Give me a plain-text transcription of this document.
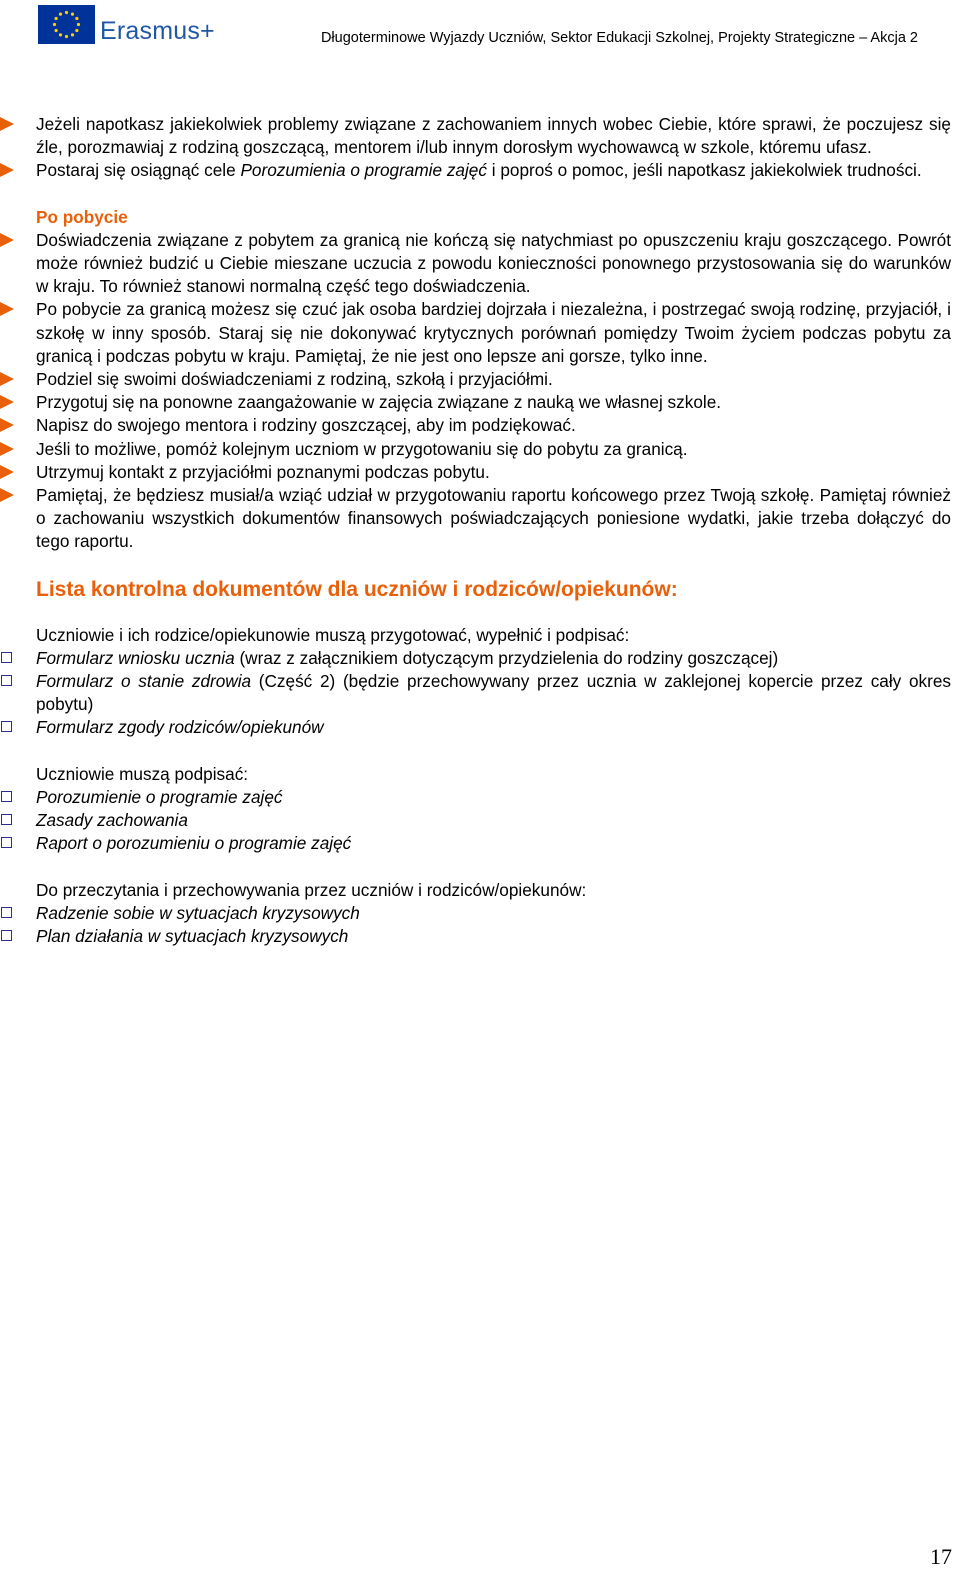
Erasmus+	Długoterminowe Wyjazdy Uczniów, Sektor Edukacji Szkolnej, Projekty Strategiczne – Akcja 2
Jeżeli napotkasz jakiekolwiek problemy związane z zachowaniem innych wobec Ciebie, które sprawi, że poczujesz się źle, porozmawiaj z rodziną goszczącą, mentorem i/lub innym dorosłym wychowawcą w szkole, któremu ufasz.
Postaraj się osiągnąć cele Porozumienia o programie zajęć i poproś o pomoc, jeśli napotkasz jakiekolwiek trudności.
Po pobycie
Doświadczenia związane z pobytem za granicą nie kończą się natychmiast po opuszczeniu kraju goszczącego. Powrót może również budzić u Ciebie mieszane uczucia z powodu konieczności ponownego przystosowania się do warunków w kraju. To również stanowi normalną część tego doświadczenia.
Po pobycie za granicą możesz się czuć jak osoba bardziej dojrzała i niezależna, i postrzegać swoją rodzinę, przyjaciół, i szkołę w inny sposób. Staraj się nie dokonywać krytycznych porównań pomiędzy Twoim życiem podczas pobytu za granicą i podczas pobytu w kraju. Pamiętaj, że nie jest ono lepsze ani gorsze, tylko inne.
Podziel się swoimi doświadczeniami z rodziną, szkołą i przyjaciółmi.
Przygotuj się na ponowne zaangażowanie w zajęcia związane z nauką we własnej szkole.
Napisz do swojego mentora i rodziny goszczącej, aby im podziękować.
Jeśli to możliwe, pomóż kolejnym uczniom w przygotowaniu się do pobytu za granicą.
Utrzymuj kontakt z przyjaciółmi poznanymi podczas pobytu.
Pamiętaj, że będziesz musiał/a wziąć udział w przygotowaniu raportu końcowego przez Twoją szkołę. Pamiętaj również o zachowaniu wszystkich dokumentów finansowych poświadczających poniesione wydatki, jakie trzeba dołączyć do tego raportu.
Lista kontrolna dokumentów dla uczniów i rodziców/opiekunów:
Uczniowie i ich rodzice/opiekunowie muszą przygotować, wypełnić i podpisać:
Formularz wniosku ucznia (wraz z załącznikiem dotyczącym przydzielenia do rodziny goszczącej)
Formularz o stanie zdrowia (Część 2) (będzie przechowywany przez ucznia w zaklejonej kopercie przez cały okres pobytu)
Formularz zgody rodziców/opiekunów
Uczniowie muszą podpisać:
Porozumienie o programie zajęć
Zasady zachowania
Raport o porozumieniu o programie zajęć
Do przeczytania i przechowywania przez uczniów i rodziców/opiekunów:
Radzenie sobie w sytuacjach kryzysowych
Plan działania w sytuacjach kryzysowych
17
